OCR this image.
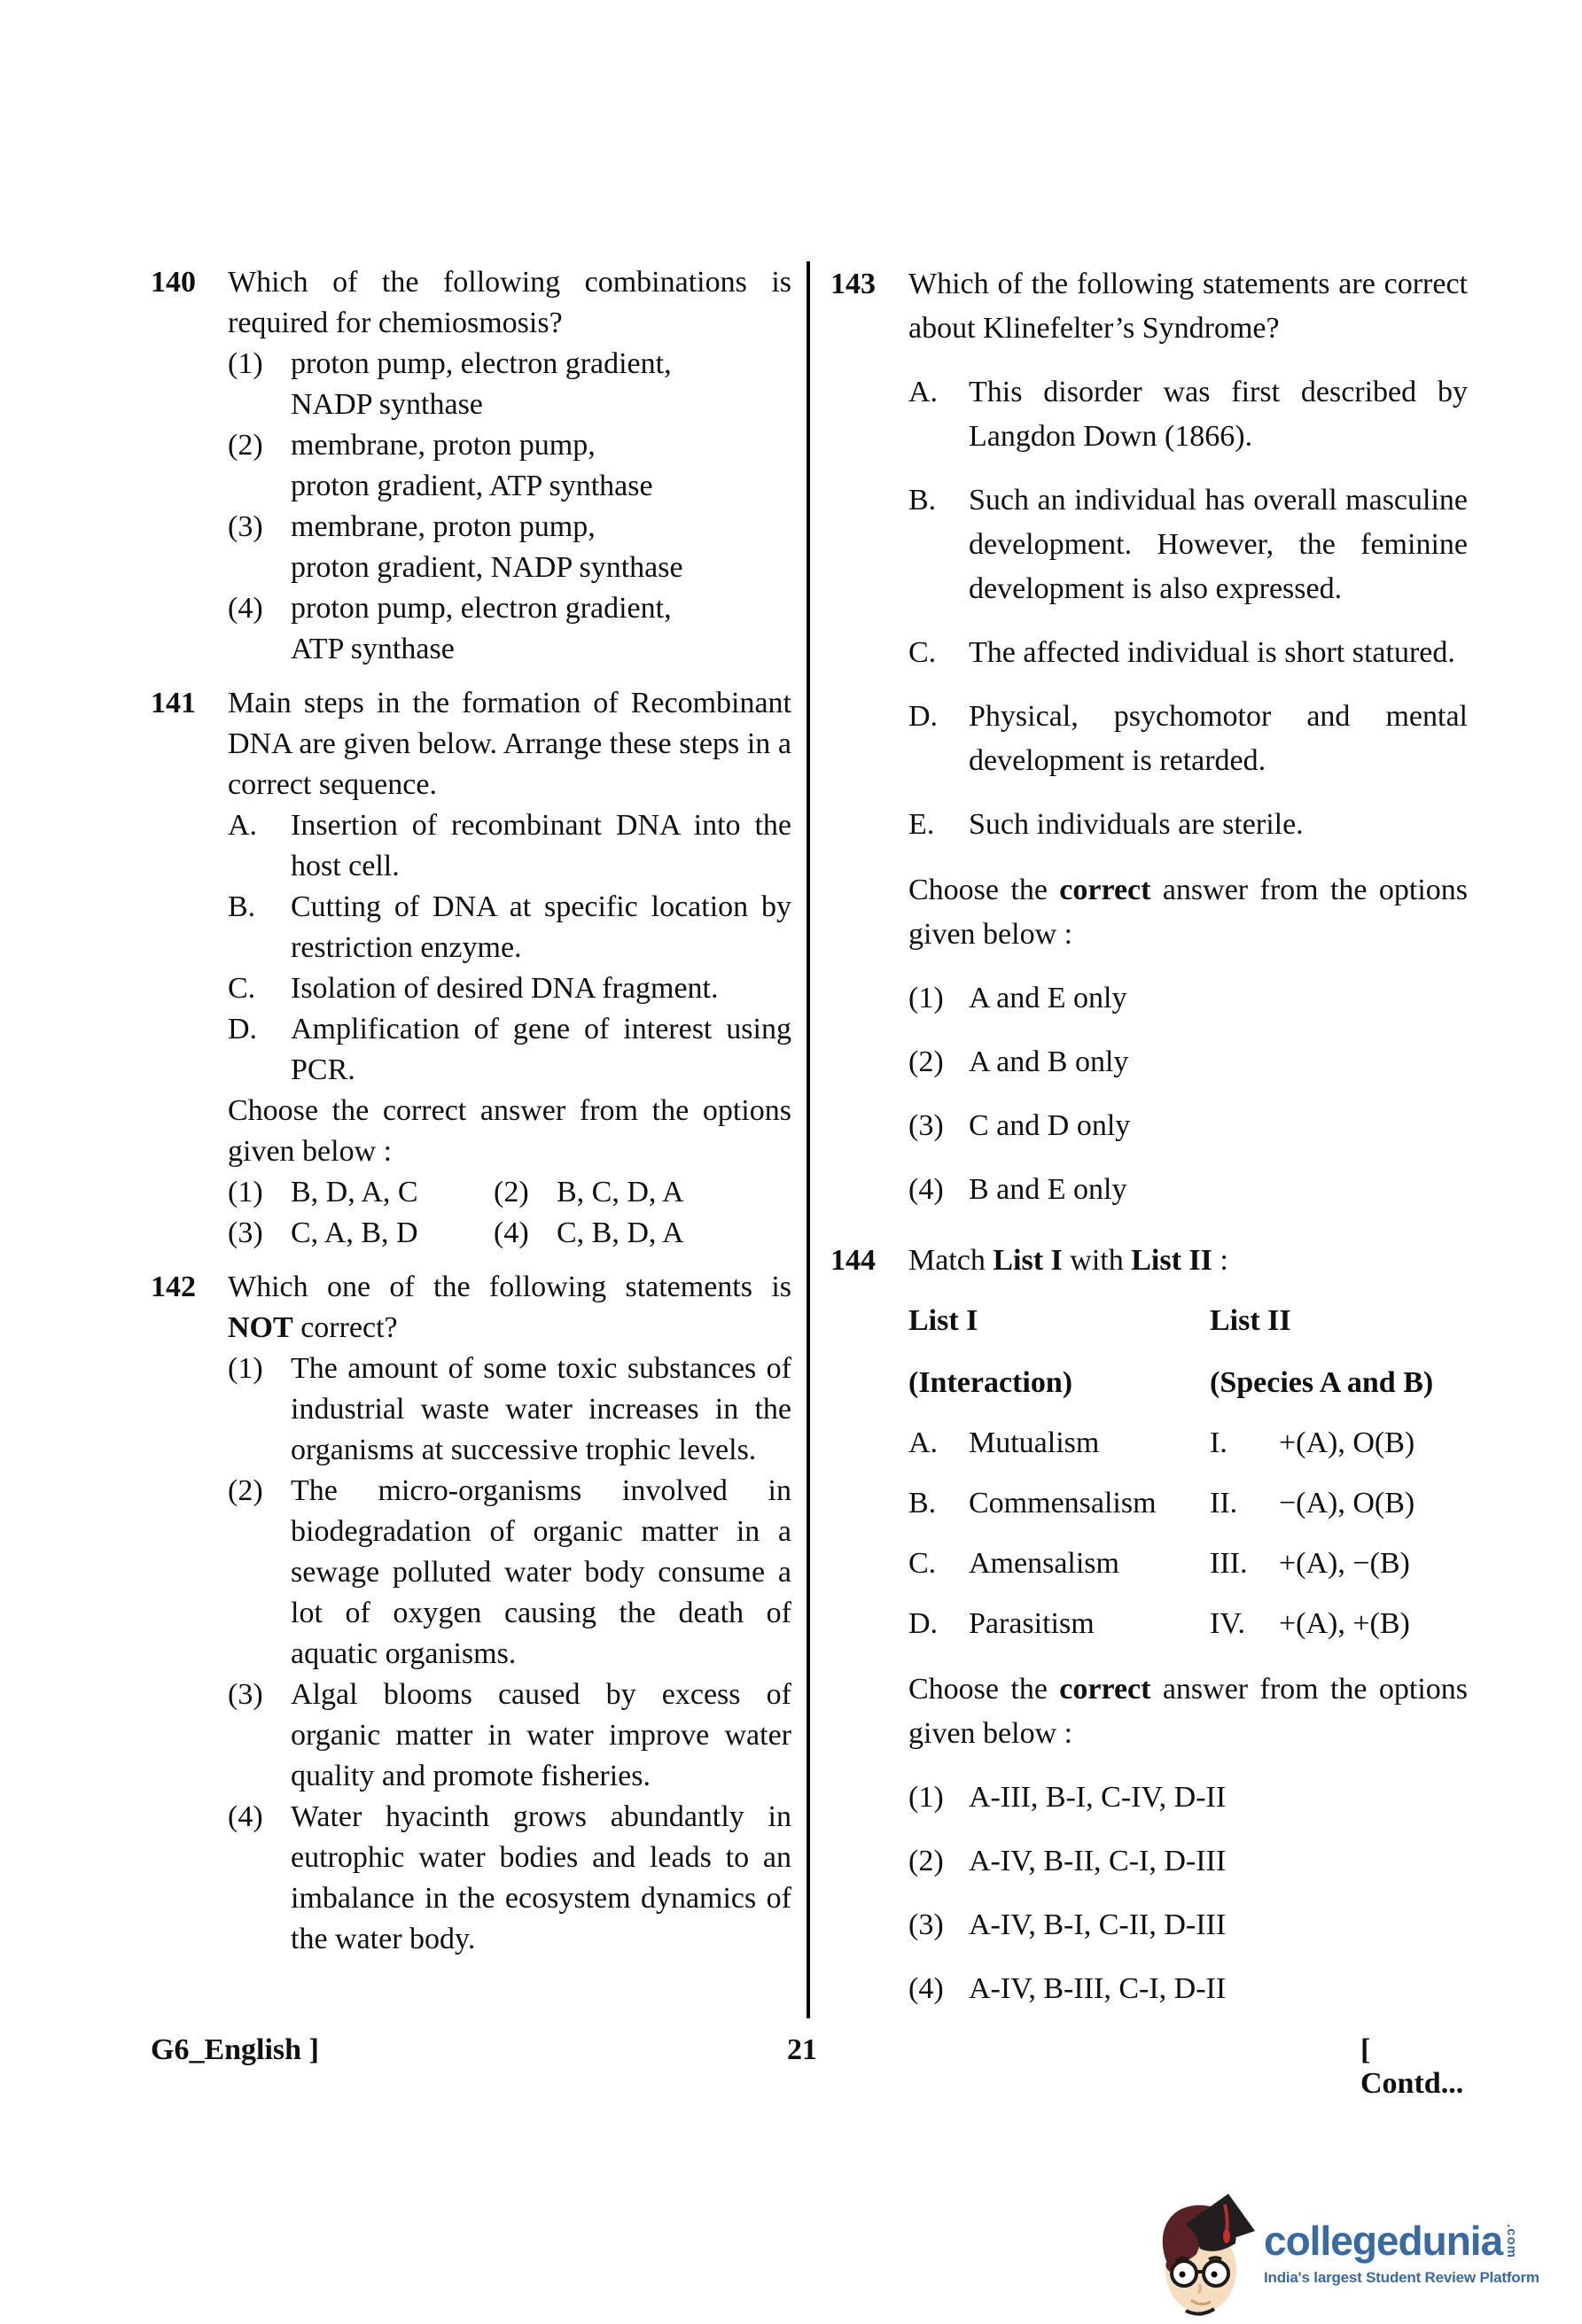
140	Which of the following combinations is required for chemiosmosis?
(1) proton pump, electron gradient,
NADP synthase
(2) membrane, proton pump,
proton gradient, ATP synthase
(3) membrane, proton pump,
proton gradient, NADP synthase
(4) proton pump, electron gradient,
ATP synthase
141	Main steps in the formation of Recombinant DNA are given below. Arrange these steps in a correct sequence.
A.	Insertion of recombinant DNA into the host cell.
B.	Cutting of DNA at specific location by restriction enzyme.
C.	Isolation of desired DNA fragment.
D.	Amplification of gene of interest using PCR.
Choose the correct answer from the options given below :
(1) B, D, A, C	(2) B, C, D, A
(3) C, A, B, D	(4) C, B, D, A
142	Which one of the following statements is NOT correct?
(1) The amount of some toxic substances of industrial waste water increases in the organisms at successive trophic levels.
(2) The micro-organisms involved in biodegradation of organic matter in a sewage polluted water body consume a lot of oxygen causing the death of aquatic organisms.
(3) Algal blooms caused by excess of organic matter in water improve water quality and promote fisheries.
(4) Water hyacinth grows abundantly in eutrophic water bodies and leads to an imbalance in the ecosystem dynamics of the water body.
143	Which of the following statements are correct about Klinefelter’s Syndrome?
A.	This disorder was first described by Langdon Down (1866).
B.	Such an individual has overall masculine development. However, the feminine development is also expressed.
C.	The affected individual is short statured.
D.	Physical, psychomotor and mental development is retarded.
E.	Such individuals are sterile.
Choose the correct answer from the options given below :
(1) A and E only
(2) A and B only
(3) C and D only
(4) B and E only
144	Match List I with List II :
List I	List II
(Interaction)	(Species A and B)
A.	Mutualism	I.	+(A), O(B)
B.	Commensalism II.	−(A), O(B)
C.	Amensalism	III.	+(A), −(B)
D.	Parasitism	IV.	+(A), +(B)
Choose the correct answer from the options given below :
(1) A-III, B-I, C-IV, D-II
(2) A-IV, B-II, C-I, D-III
(3) A-IV, B-I, C-II, D-III
(4) A-IV, B-III, C-I, D-II
G6_English ]	21	[ Contd...
collegedunia .com
India's largest Student Review Platform
